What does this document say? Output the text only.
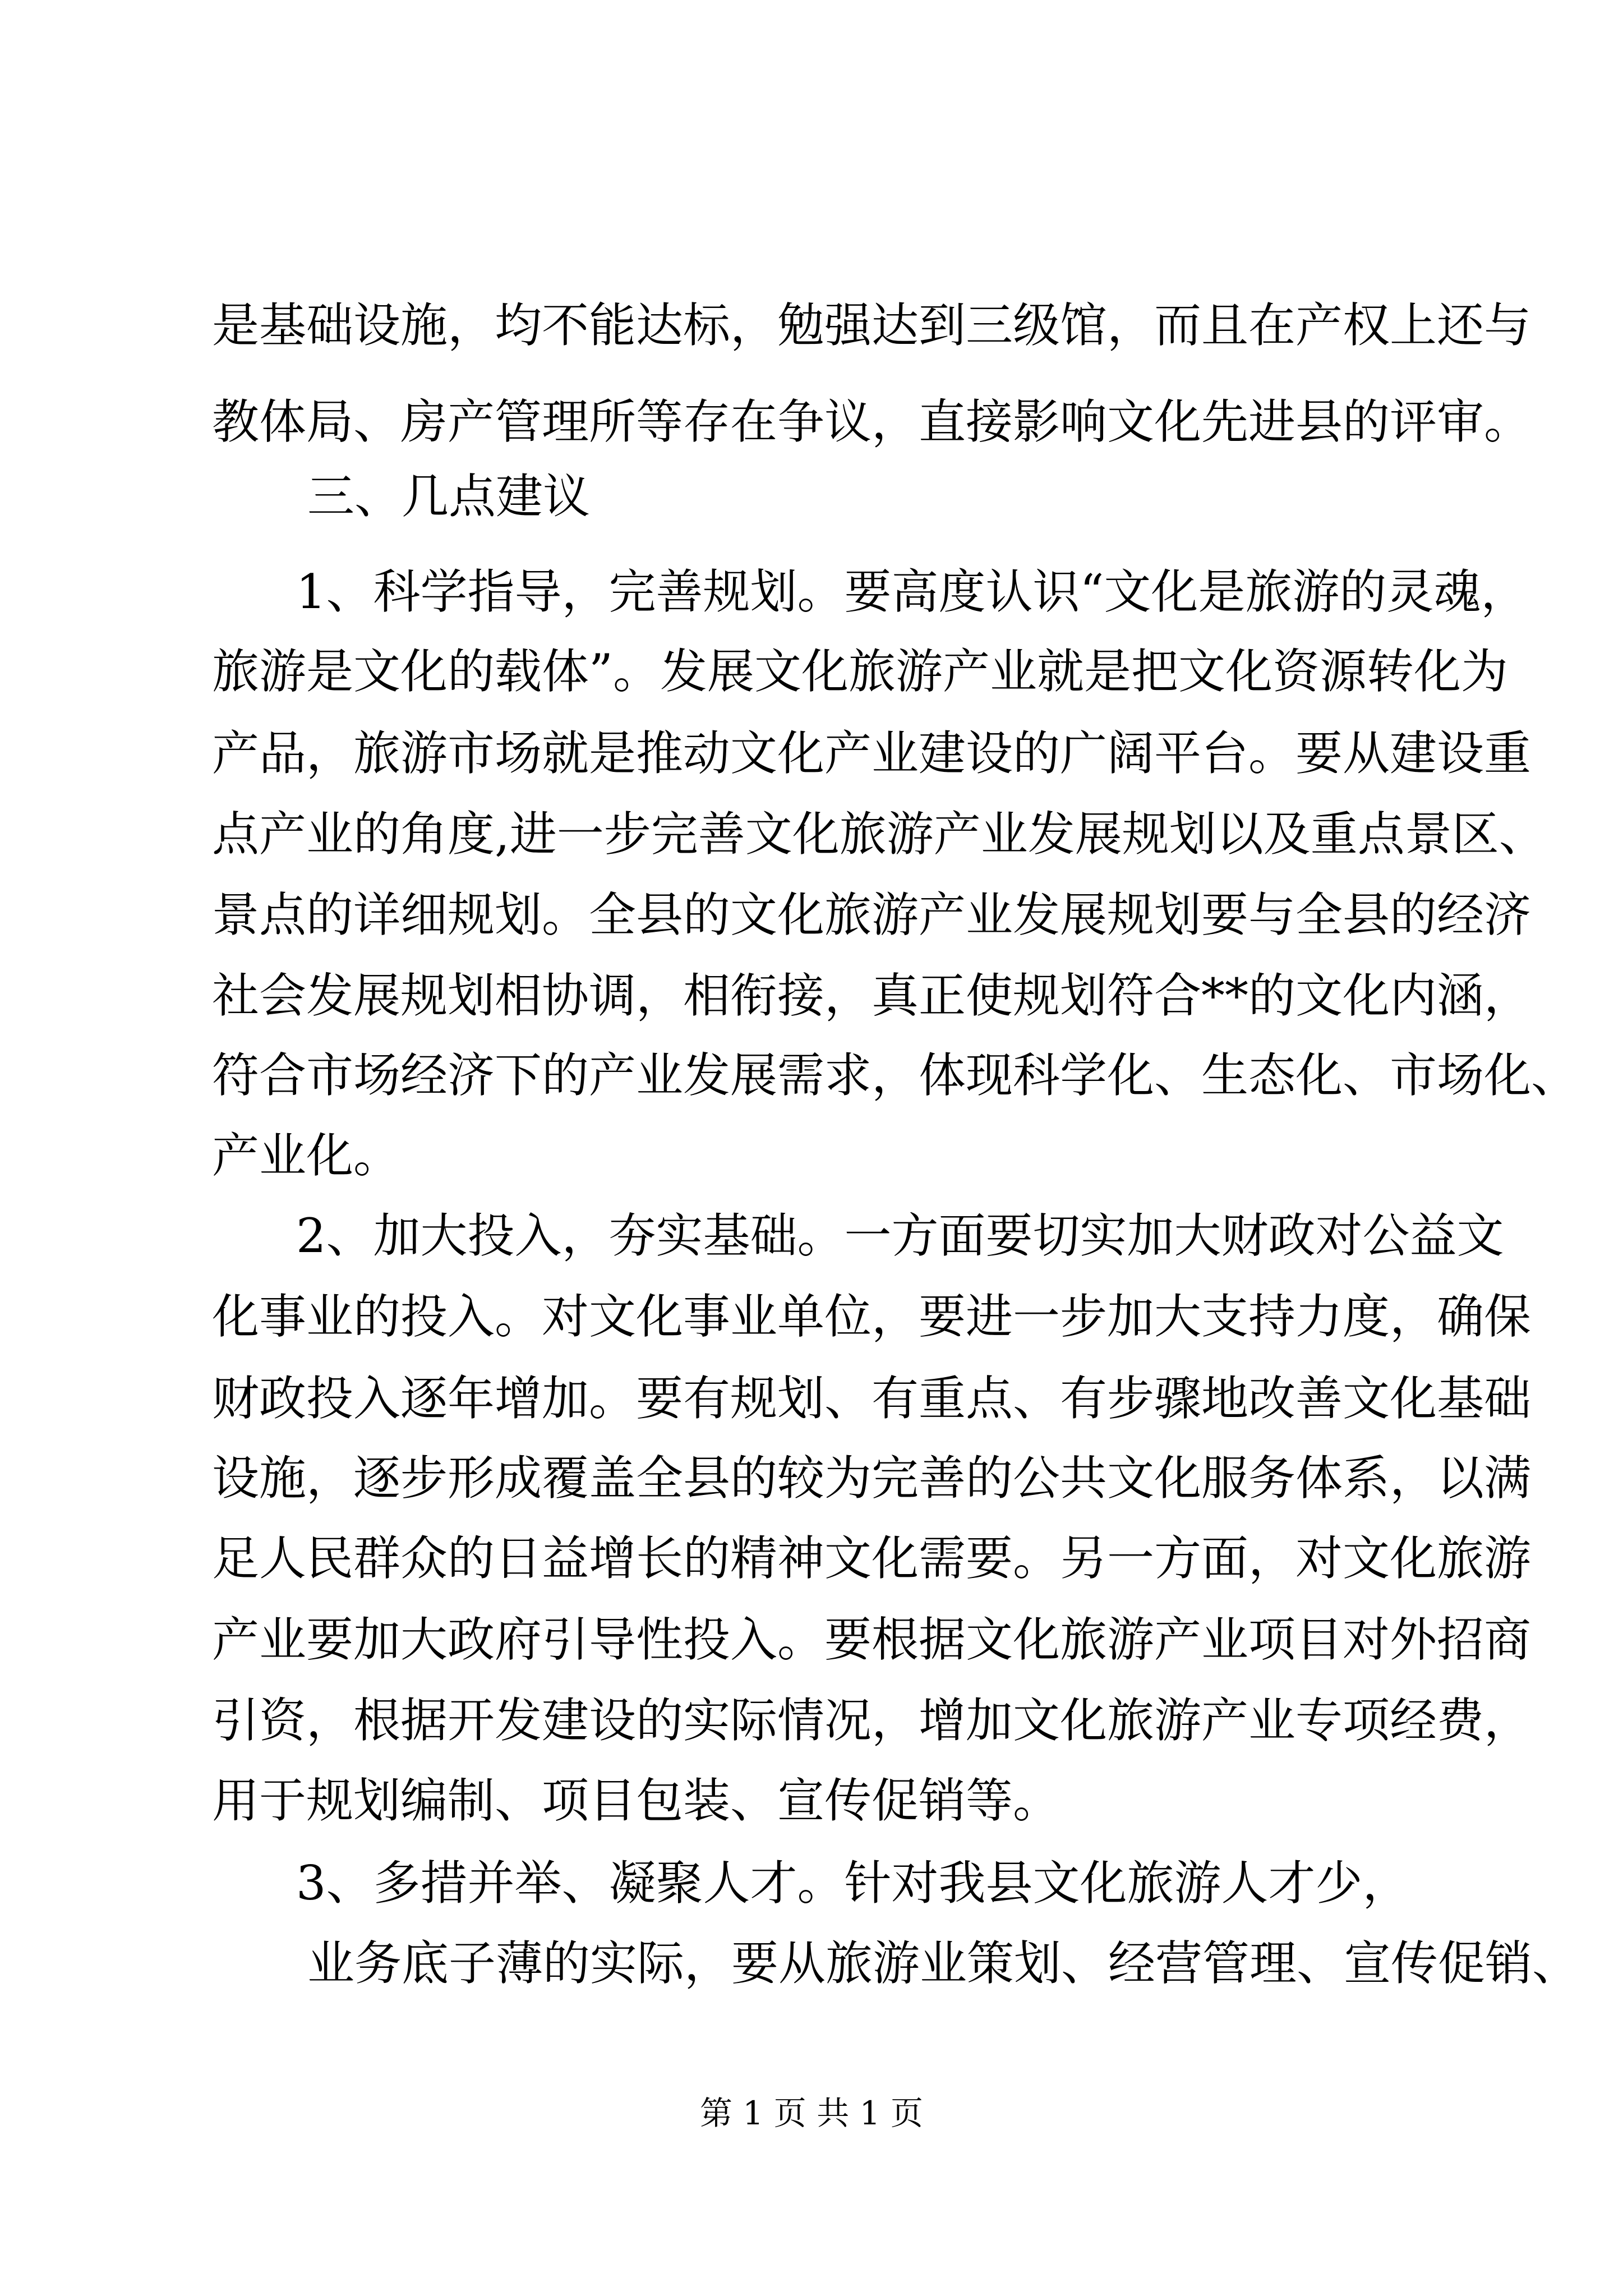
是基础设施，均不能达标，勉强达到三级馆，而且在产权上还与
教体局、房产管理所等存在争议，直接影响文化先进县的评审。
三、几点建议
1、科学指导，完善规划。要高度认识“文化是旅游的灵魂，
旅游是文化的载体”。发展文化旅游产业就是把文化资源转化为
产品，旅游市场就是推动文化产业建设的广阔平台。要从建设重
点产业的角度,进一步完善文化旅游产业发展规划以及重点景区、
景点的详细规划。全县的文化旅游产业发展规划要与全县的经济
社会发展规划相协调，相衔接，真正使规划符合**的文化内涵，
符合市场经济下的产业发展需求，体现科学化、生态化、市场化、
产业化。
2、加大投入，夯实基础。一方面要切实加大财政对公益文
化事业的投入。对文化事业单位，要进一步加大支持力度，确保
财政投入逐年增加。要有规划、有重点、有步骤地改善文化基础
设施，逐步形成覆盖全县的较为完善的公共文化服务体系，以满
足人民群众的日益增长的精神文化需要。另一方面，对文化旅游
产业要加大政府引导性投入。要根据文化旅游产业项目对外招商
引资，根据开发建设的实际情况，增加文化旅游产业专项经费，
用于规划编制、项目包装、宣传促销等。
3、多措并举、凝聚人才。针对我县文化旅游人才少，
业务底子薄的实际，要从旅游业策划、经营管理、宣传促销、
第 1 页 共 1 页
